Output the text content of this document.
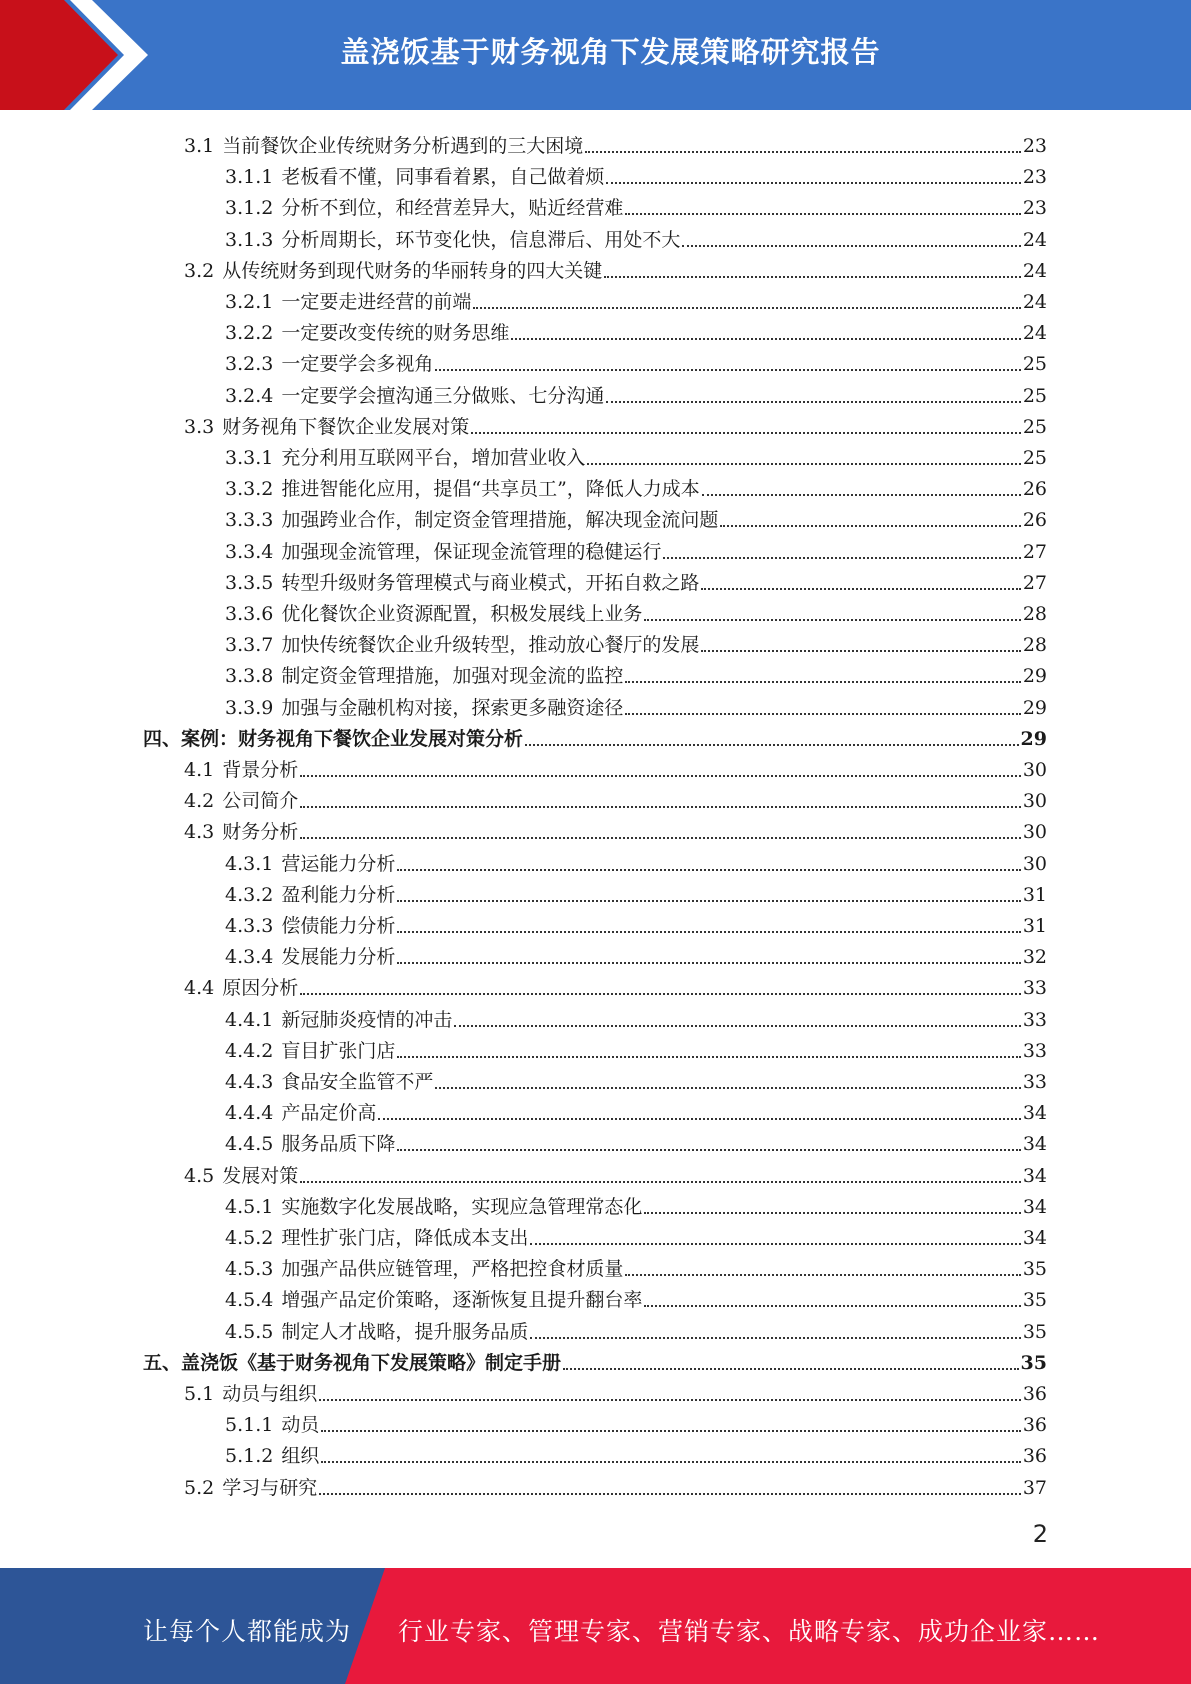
盖浇饭基于财务视角下发展策略研究报告
3.1 当前餐饮企业传统财务分析遇到的三大困境	23
3.1.1 老板看不懂，同事看着累，自己做着烦	23
3.1.2 分析不到位，和经营差异大，贴近经营难	23
3.1.3 分析周期长，环节变化快，信息滞后、用处不大	24
3.2 从传统财务到现代财务的华丽转身的四大关键	24
3.2.1 一定要走进经营的前端	24
3.2.2 一定要改变传统的财务思维	24
3.2.3 一定要学会多视角	25
3.2.4 一定要学会擅沟通三分做账、七分沟通	25
3.3 财务视角下餐饮企业发展对策	25
3.3.1 充分利用互联网平台，增加营业收入	25
3.3.2 推进智能化应用，提倡“共享员工”，降低人力成本	26
3.3.3 加强跨业合作，制定资金管理措施，解决现金流问题	26
3.3.4 加强现金流管理，保证现金流管理的稳健运行	27
3.3.5 转型升级财务管理模式与商业模式，开拓自救之路	27
3.3.6 优化餐饮企业资源配置，积极发展线上业务	28
3.3.7 加快传统餐饮企业升级转型，推动放心餐厅的发展	28
3.3.8 制定资金管理措施，加强对现金流的监控	29
3.3.9 加强与金融机构对接，探索更多融资途径	29
四、 案例：财务视角下餐饮企业发展对策分析	29
4.1 背景分析	30
4.2 公司简介	30
4.3 财务分析	30
4.3.1 营运能力分析	30
4.3.2 盈利能力分析	31
4.3.3 偿债能力分析	31
4.3.4 发展能力分析	32
4.4 原因分析	33
4.4.1 新冠肺炎疫情的冲击	33
4.4.2 盲目扩张门店	33
4.4.3 食品安全监管不严	33
4.4.4 产品定价高	34
4.4.5 服务品质下降	34
4.5 发展对策	34
4.5.1 实施数字化发展战略，实现应急管理常态化	34
4.5.2 理性扩张门店，降低成本支出	34
4.5.3 加强产品供应链管理，严格把控食材质量	35
4.5.4 增强产品定价策略，逐渐恢复且提升翻台率	35
4.5.5 制定人才战略，提升服务品质	35
五、 盖浇饭《基于财务视角下发展策略》制定手册	35
5.1 动员与组织	36
5.1.1 动员	36
5.1.2 组织	36
5.2 学习与研究	37
2
让每个人都能成为 行业专家、管理专家、营销专家、战略专家、成功企业家……
